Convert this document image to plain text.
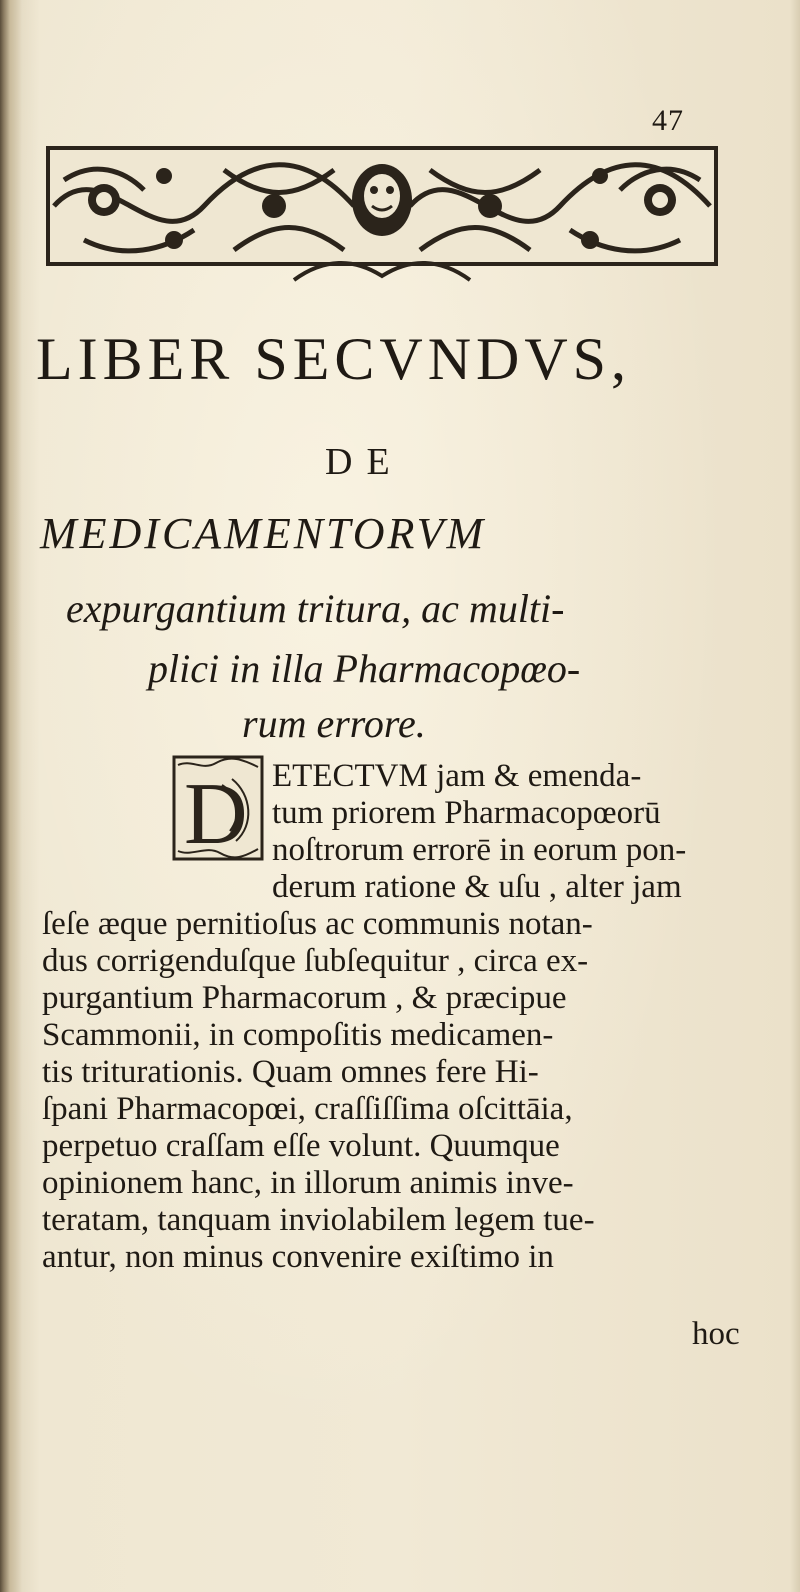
47
LIBER SECVNDVS,
DE
MEDICAMENTORVM
expurgantium tritura, ac multi-
plici in illa Pharmacopœo-
rum errore.
D ETECTVM jam & emenda-
tum priorem Pharmacopœorū
noſtrorum errorē in eorum pon-
derum ratione & uſu , alter jam
ſeſe æque pernitioſus ac communis notan-
dus corrigenduſque ſubſequitur , circa ex-
purgantium Pharmacorum , & præcipue
Scammonii, in compoſitis medicamen-
tis triturationis. Quam omnes fere Hi-
ſpani Pharmacopœi, craſſiſſima oſcittāia,
perpetuo craſſam eſſe volunt. Quumque
opinionem hanc, in illorum animis inve-
teratam, tanquam inviolabilem legem tue-
antur, non minus convenire exiſtimo in
hoc
